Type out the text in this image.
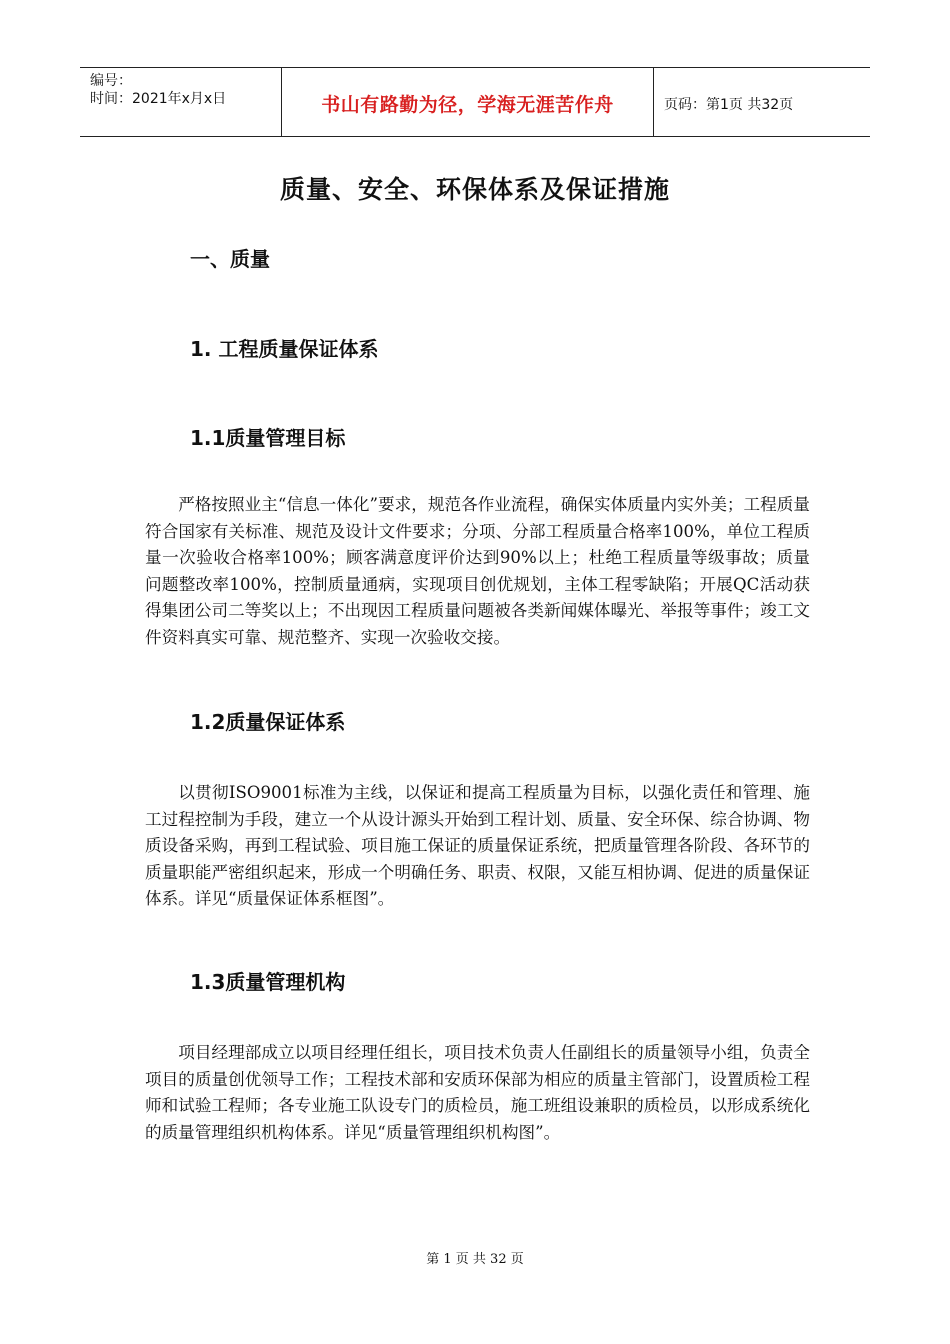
编号：
时间：2021年x月x日	书山有路勤为径，学海无涯苦作舟	页码：第1页 共32页
质量、安全、环保体系及保证措施
一、质量
1. 工程质量保证体系
1.1质量管理目标
严格按照业主“信息一体化”要求，规范各作业流程，确保实体质量内实外美；工程质量符合国家有关标准、规范及设计文件要求；分项、分部工程质量合格率100%，单位工程质量一次验收合格率100%；顾客满意度评价达到90%以上；杜绝工程质量等级事故；质量问题整改率100%，控制质量通病，实现项目创优规划，主体工程零缺陷；开展QC活动获得集团公司二等奖以上；不出现因工程质量问题被各类新闻媒体曝光、举报等事件；竣工文件资料真实可靠、规范整齐、实现一次验收交接。
1.2质量保证体系
以贯彻ISO9001标准为主线，以保证和提高工程质量为目标，以强化责任和管理、施工过程控制为手段，建立一个从设计源头开始到工程计划、质量、安全环保、综合协调、物质设备采购，再到工程试验、项目施工保证的质量保证系统，把质量管理各阶段、各环节的质量职能严密组织起来，形成一个明确任务、职责、权限，又能互相协调、促进的质量保证体系。详见“质量保证体系框图”。
1.3质量管理机构
项目经理部成立以项目经理任组长，项目技术负责人任副组长的质量领导小组，负责全项目的质量创优领导工作；工程技术部和安质环保部为相应的质量主管部门，设置质检工程师和试验工程师；各专业施工队设专门的质检员，施工班组设兼职的质检员，以形成系统化的质量管理组织机构体系。详见“质量管理组织机构图”。
第 1 页 共 32 页
